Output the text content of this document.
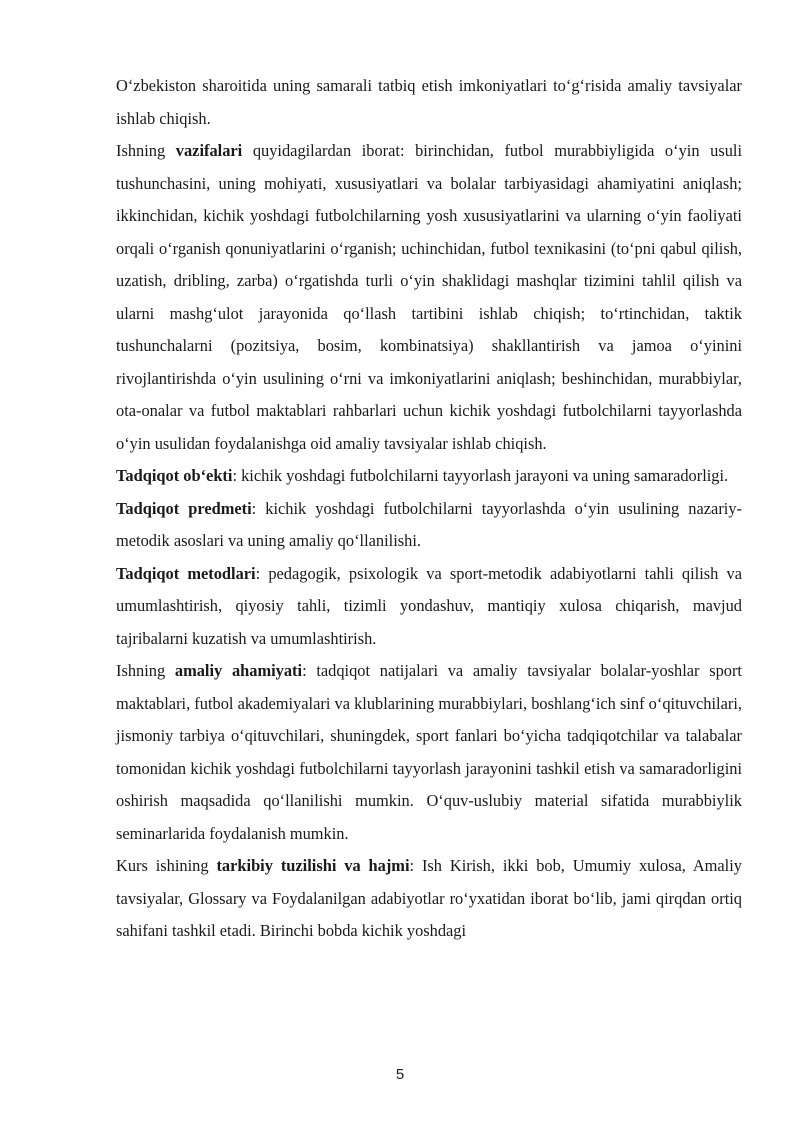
O‘zbekiston sharoitida uning samarali tatbiq etish imkoniyatlari to‘g‘risida amaliy tavsiyalar ishlab chiqish.

Ishning vazifalari quyidagilardan iborat: birinchidan, futbol murabbiyligida o‘yin usuli tushunchasini, uning mohiyati, xususiyatlari va bolalar tarbiyasidagi ahamiyatini aniqlash; ikkinchidan, kichik yoshdagi futbolchilarning yosh xususiyatlarini va ularning o‘yin faoliyati orqali o‘rganish qonuniyatlarini o‘rganish; uchinchidan, futbol texnikasini (to‘pni qabul qilish, uzatish, dribling, zarba) o‘rgatishda turli o‘yin shaklidagi mashqlar tizimini tahlil qilish va ularni mashg‘ulot jarayonida qo‘llash tartibini ishlab chiqish; to‘rtinchidan, taktik tushunchalarni (pozitsiya, bosim, kombinatsiya) shakllantirish va jamoa o‘yinini rivojlantirishda o‘yin usulining o‘rni va imkoniyatlarini aniqlash; beshinchidan, murabbiylar, ota-onalar va futbol maktablari rahbarlari uchun kichik yoshdagi futbolchilarni tayyorlashda o‘yin usulidan foydalanishga oid amaliy tavsiyalar ishlab chiqish.

Tadqiqot ob‘ekti: kichik yoshdagi futbolchilarni tayyorlash jarayoni va uning samaradorligi.

Tadqiqot predmeti: kichik yoshdagi futbolchilarni tayyorlashda o‘yin usulining nazariy-metodik asoslari va uning amaliy qo‘llanilishi.

Tadqiqot metodlari: pedagogik, psixologik va sport-metodik adabiyotlarni tahli qilish va umumlashtirish, qiyosiy tahli, tizimli yondashuv, mantiqiy xulosa chiqarish, mavjud tajribalarni kuzatish va umumlashtirish.

Ishning amaliy ahamiyati: tadqiqot natijalari va amaliy tavsiyalar bolalar-yoshlar sport maktablari, futbol akademiyalari va klublarining murabbiylari, boshlang‘ich sinf o‘qituvchilari, jismoniy tarbiya o‘qituvchilari, shuningdek, sport fanlari bo‘yicha tadqiqotchilar va talabalar tomonidan kichik yoshdagi futbolchilarni tayyorlash jarayonini tashkil etish va samaradorligini oshirish maqsadida qo‘llanilishi mumkin. O‘quv-uslubiy material sifatida murabbiylik seminarlarida foydalanish mumkin.

Kurs ishining tarkibiy tuzilishi va hajmi: Ish Kirish, ikki bob, Umumiy xulosa, Amaliy tavsiyalar, Glossary va Foydalanilgan adabiyotlar ro‘yxatidan iborat bo‘lib, jami qirqdan ortiq sahifani tashkil etadi. Birinchi bobda kichik yoshdagi

5
